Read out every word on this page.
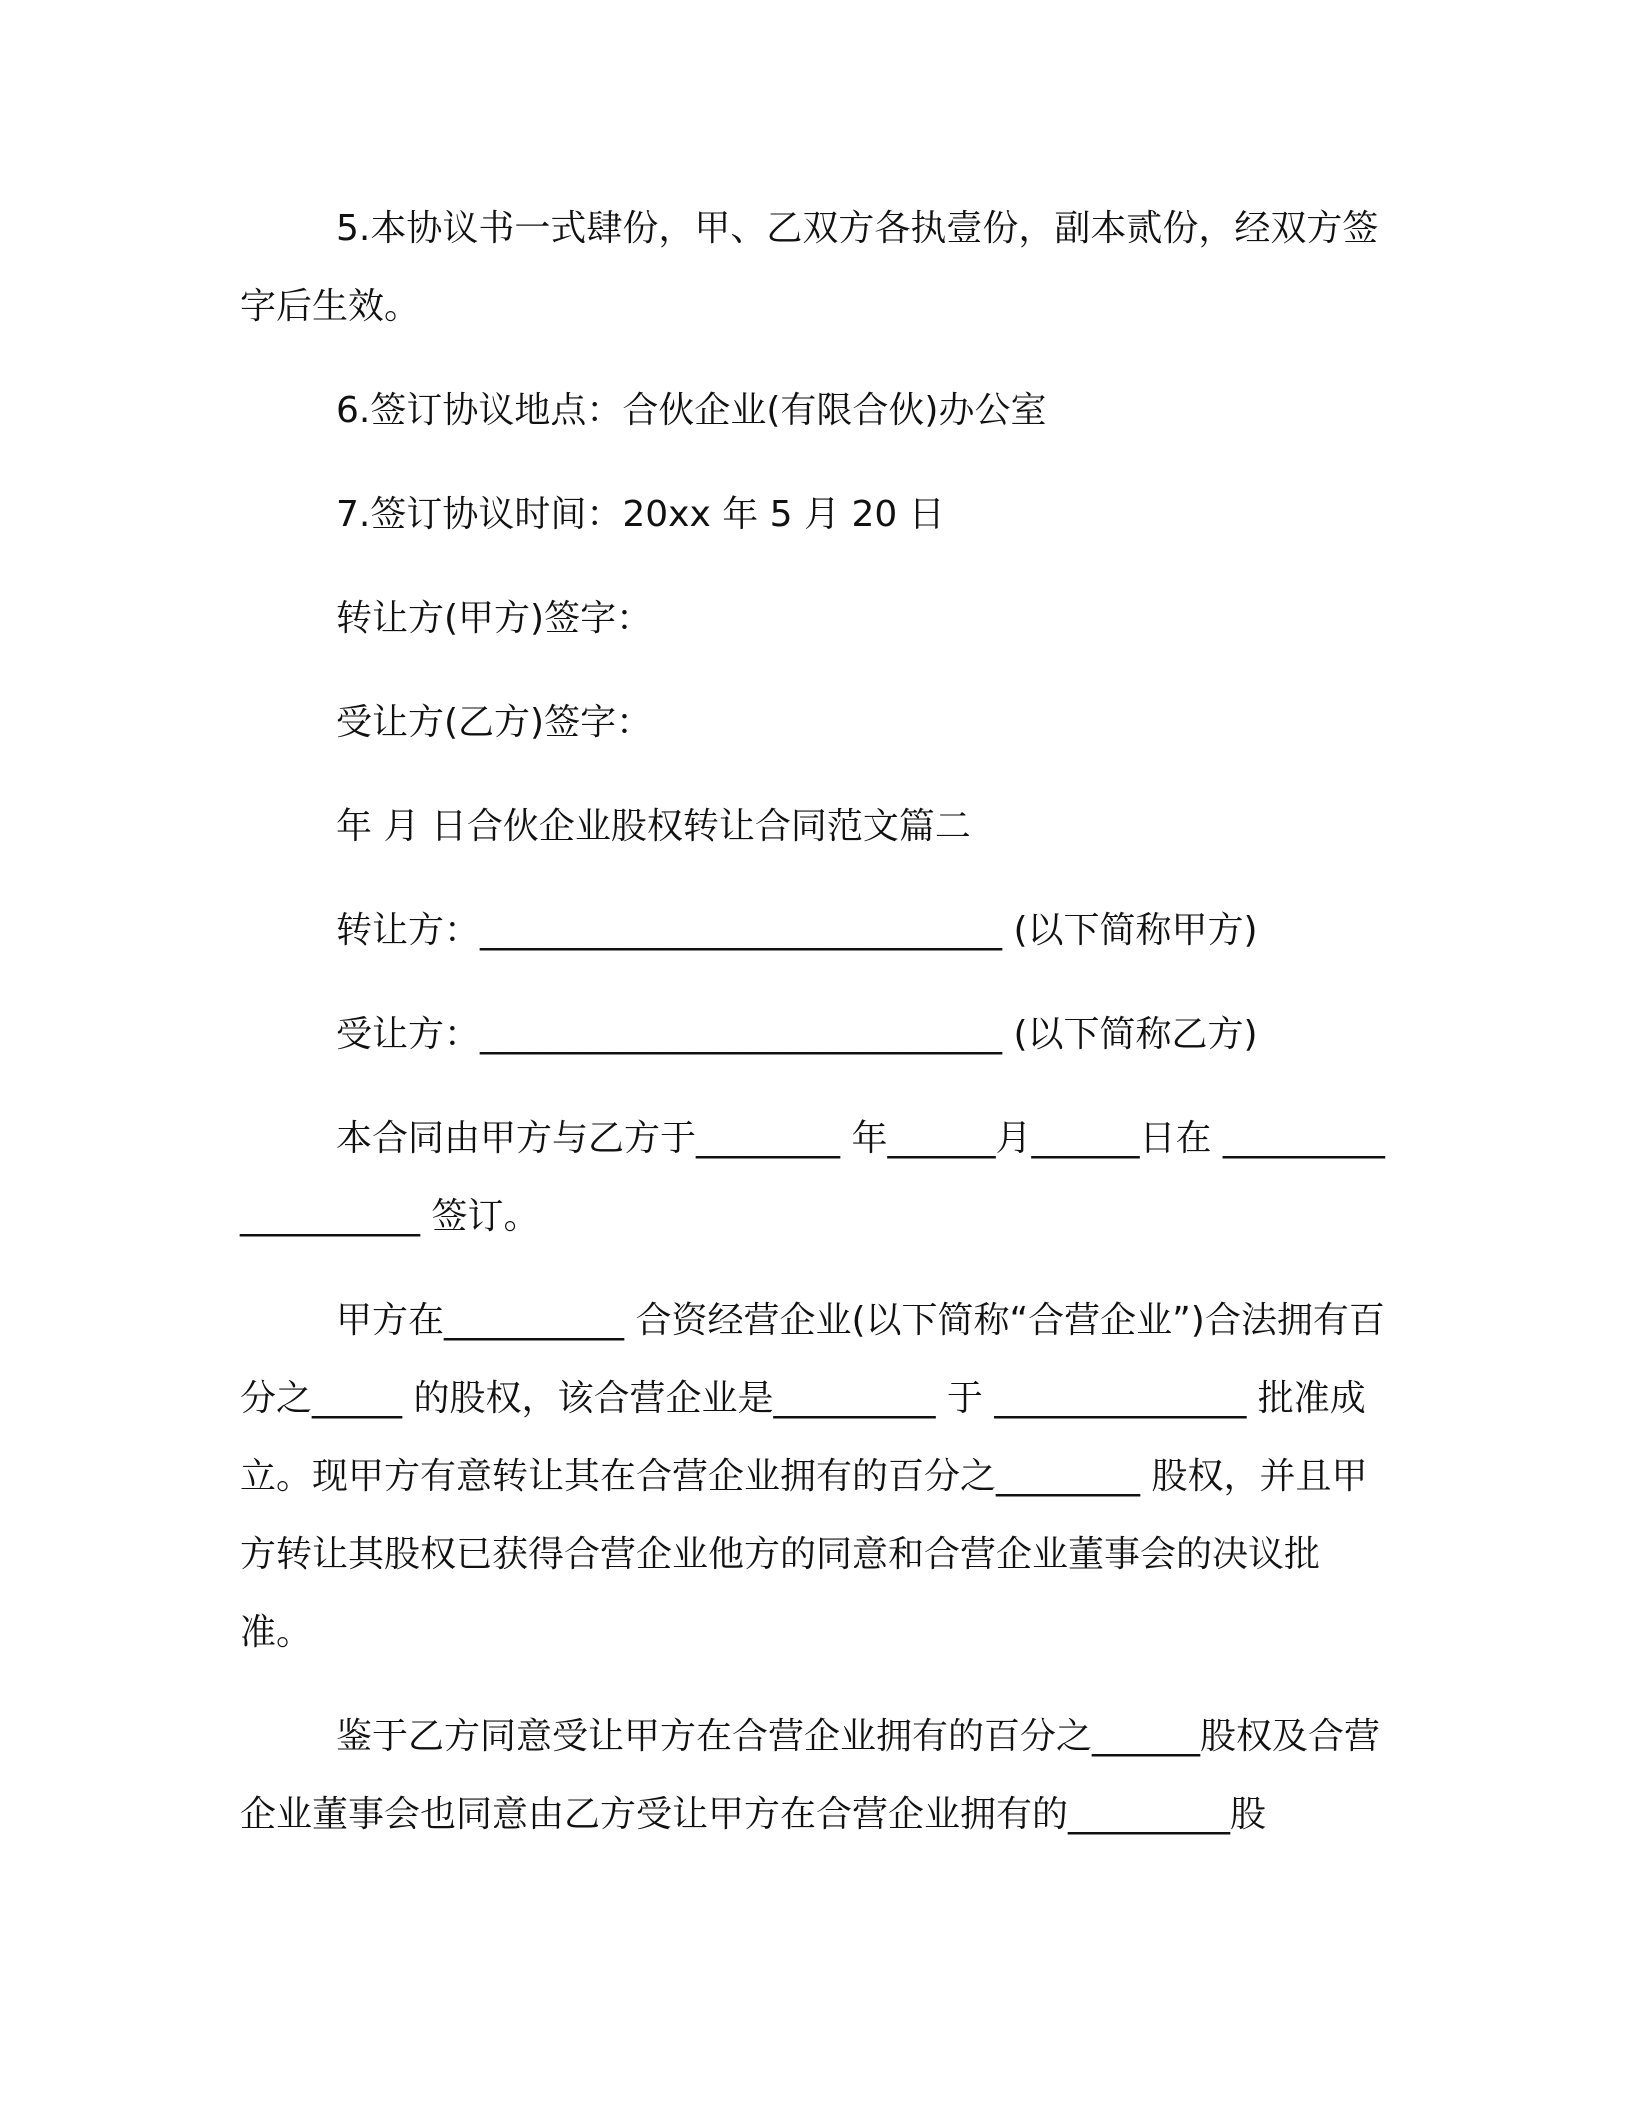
5.本协议书一式肆份，甲、乙双方各执壹份，副本贰份，经双方签字后生效。

6.签订协议地点：合伙企业(有限合伙)办公室

7.签订协议时间：20xx 年 5 月 20 日

转让方(甲方)签字：

受让方(乙方)签字：

年 月 日合伙企业股权转让合同范文篇二

转让方：_____________________________ (以下简称甲方)

受让方：_____________________________ (以下简称乙方)

本合同由甲方与乙方于________ 年______月______日在 ___________________ 签订。

甲方在__________ 合资经营企业(以下简称“合营企业”)合法拥有百分之_____ 的股权，该合营企业是_________ 于 ______________ 批准成立。现甲方有意转让其在合营企业拥有的百分之________ 股权，并且甲方转让其股权已获得合营企业他方的同意和合营企业董事会的决议批准。

鉴于乙方同意受让甲方在合营企业拥有的百分之______股权及合营企业董事会也同意由乙方受让甲方在合营企业拥有的_________股
